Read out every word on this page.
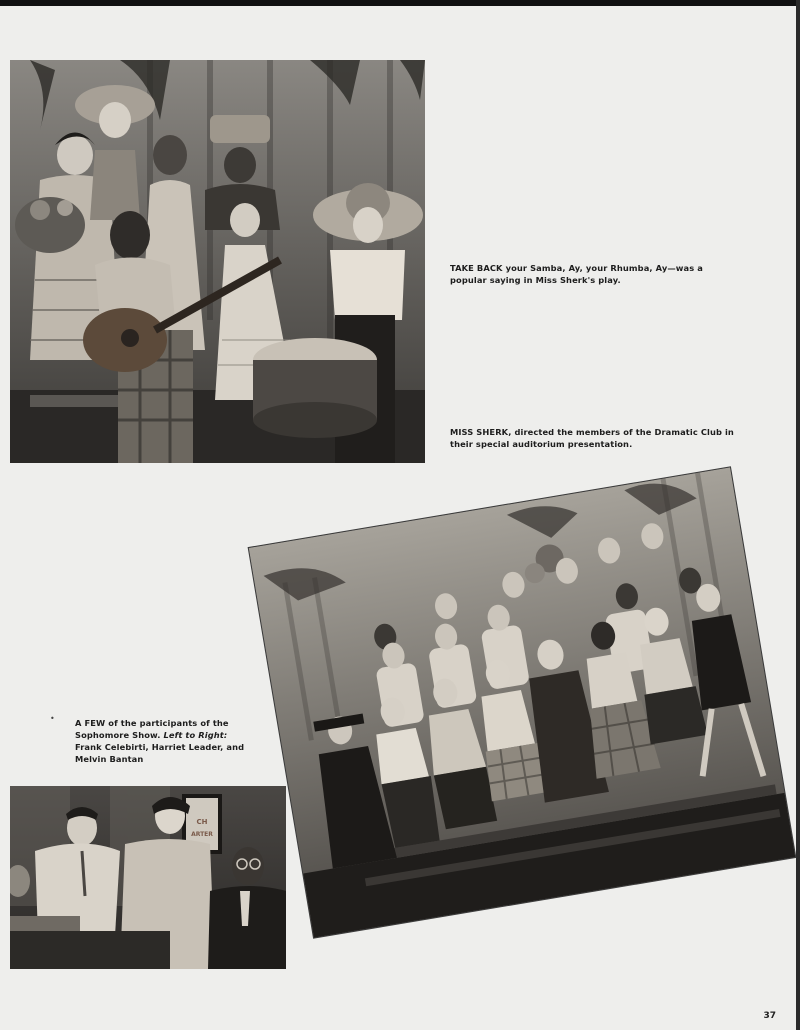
TAKE BACK your Samba, Ay, your Rhumba, Ay—was a popular saying in Miss Sherk's play.
MISS SHERK, directed the members of the Dramatic Club in their special auditorium presentation.
• A FEW of the participants of the Sophomore Show. Left to Right: Frank Celebirti, Harriet Leader, and Melvin Bantan
CH
ARTER
37
